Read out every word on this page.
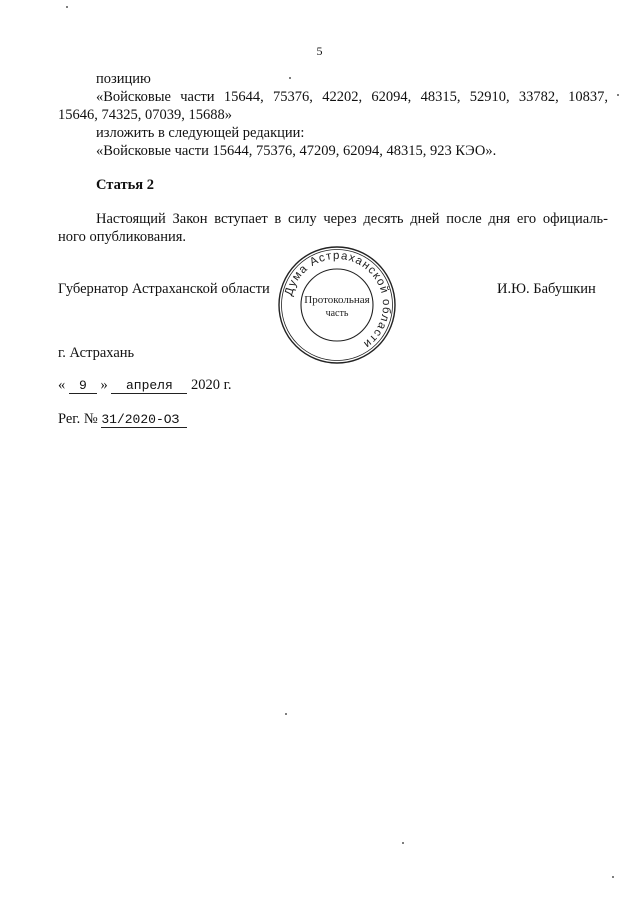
5
позицию
«Войсковые части 15644, 75376, 42202, 62094, 48315, 52910, 33782, 10837,
15646, 74325, 07039, 15688»
изложить в следующей редакции:
«Войсковые части 15644, 75376, 47209, 62094, 48315, 923 КЭО».
Статья 2
Настоящий Закон вступает в силу через десять дней после дня его официаль-
ного опубликования.
Губернатор Астраханской области	И.Ю. Бабушкин
Дума Астраханской области
Протокольная
часть
г. Астрахань
« 9 » апреля 2020 г.
Рег. № 31/2020-ОЗ
